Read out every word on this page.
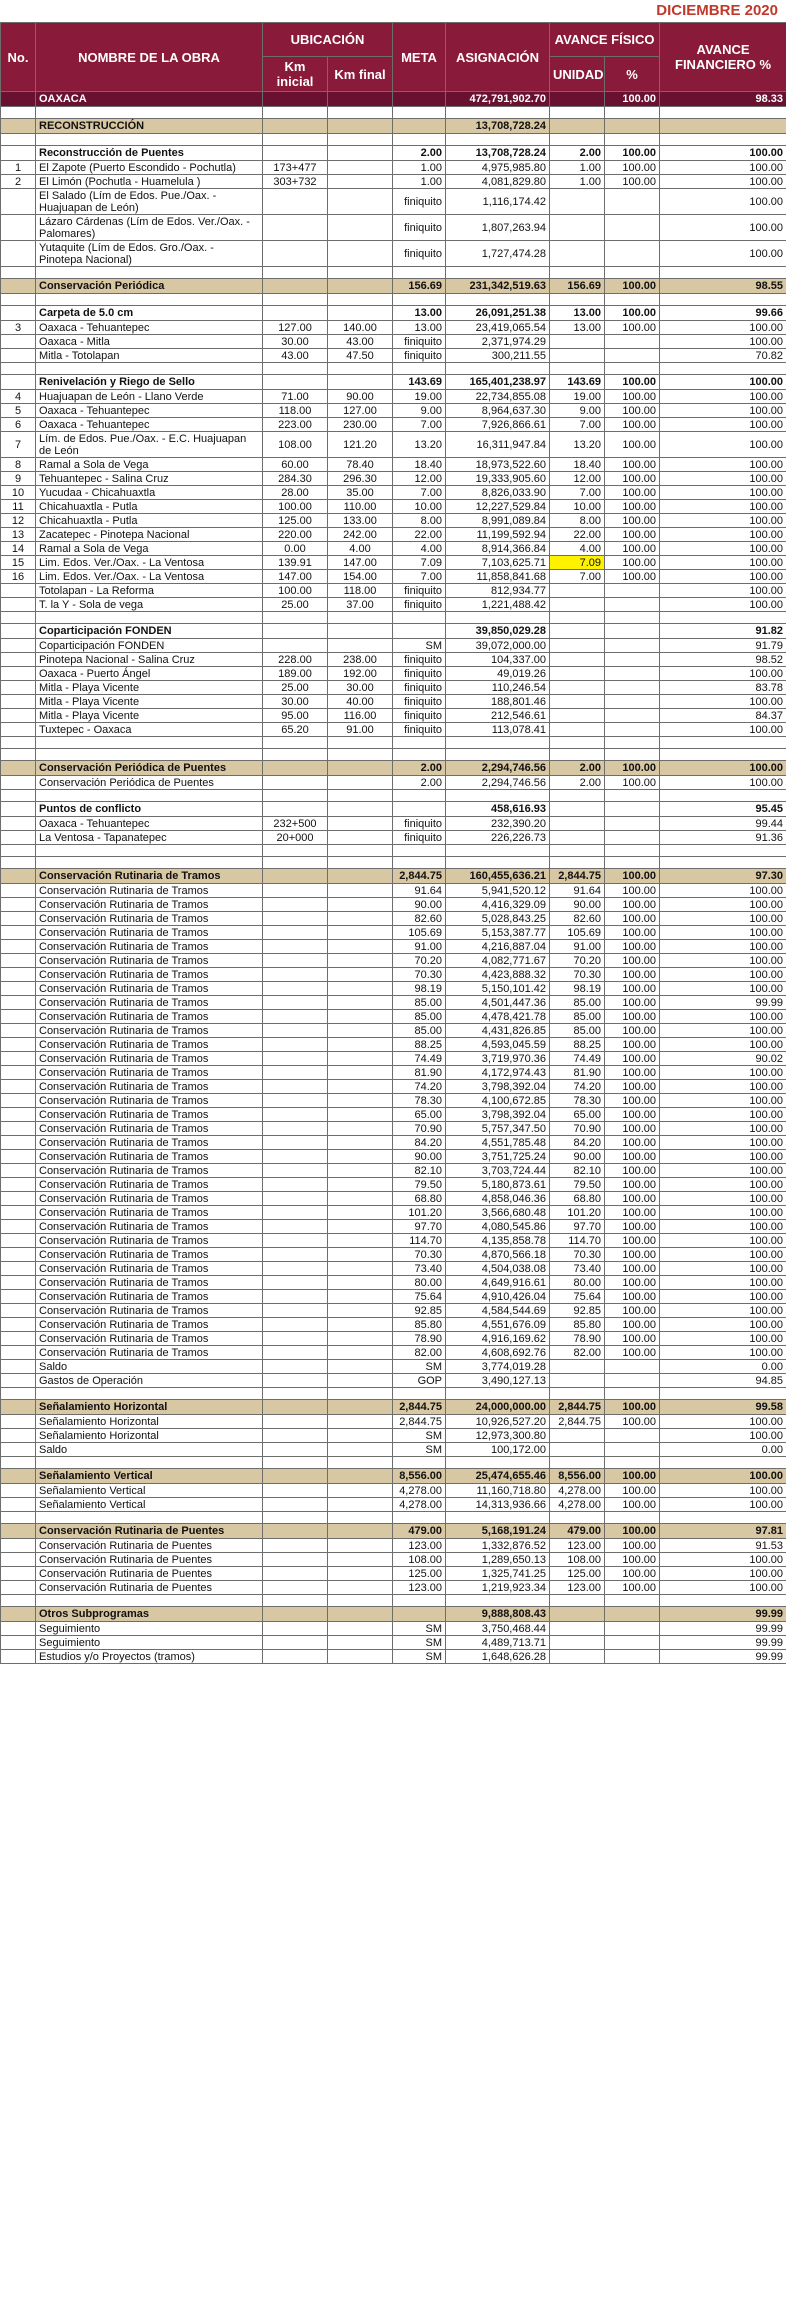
DICIEMBRE 2020
No.	NOMBRE DE LA OBRA	UBICACIÓN		META	ASIGNACIÓN	AVANCE FÍSICO		AVANCE FINANCIERO %
		Km inicial	Km final			UNIDAD	%	
	OAXACA				472,791,902.70		100.00	98.33

	RECONSTRUCCIÓN				13,708,728.24			

	Reconstrucción de Puentes			2.00	13,708,728.24	2.00	100.00	100.00
1	El Zapote (Puerto Escondido - Pochutla)	173+477		1.00	4,975,985.80	1.00	100.00	100.00
2	El Limón (Pochutla - Huamelula )	303+732		1.00	4,081,829.80	1.00	100.00	100.00
	El Salado (Lím de Edos. Pue./Oax. - Huajuapan de León)			finiquito	1,116,174.42			100.00
	Lázaro Cárdenas (Lím de Edos. Ver./Oax. - Palomares)			finiquito	1,807,263.94			100.00
	Yutaquite (Lím de Edos. Gro./Oax. - Pinotepa Nacional)			finiquito	1,727,474.28			100.00

	Conservación Periódica			156.69	231,342,519.63	156.69	100.00	98.55

	Carpeta de 5.0 cm			13.00	26,091,251.38	13.00	100.00	99.66
3	Oaxaca - Tehuantepec	127.00	140.00	13.00	23,419,065.54	13.00	100.00	100.00
	Oaxaca - Mitla	30.00	43.00	finiquito	2,371,974.29			100.00
	Mitla - Totolapan	43.00	47.50	finiquito	300,211.55			70.82

	Renivelación y Riego de Sello			143.69	165,401,238.97	143.69	100.00	100.00
4	Huajuapan de León - Llano Verde	71.00	90.00	19.00	22,734,855.08	19.00	100.00	100.00
5	Oaxaca - Tehuantepec	118.00	127.00	9.00	8,964,637.30	9.00	100.00	100.00
6	Oaxaca - Tehuantepec	223.00	230.00	7.00	7,926,866.61	7.00	100.00	100.00
7	Lím. de Edos. Pue./Oax. - E.C. Huajuapan de León	108.00	121.20	13.20	16,311,947.84	13.20	100.00	100.00
8	Ramal a Sola de Vega	60.00	78.40	18.40	18,973,522.60	18.40	100.00	100.00
9	Tehuantepec - Salina Cruz	284.30	296.30	12.00	19,333,905.60	12.00	100.00	100.00
10	Yucudaa - Chicahuaxtla	28.00	35.00	7.00	8,826,033.90	7.00	100.00	100.00
11	Chicahuaxtla - Putla	100.00	110.00	10.00	12,227,529.84	10.00	100.00	100.00
12	Chicahuaxtla - Putla	125.00	133.00	8.00	8,991,089.84	8.00	100.00	100.00
13	Zacatepec - Pinotepa Nacional	220.00	242.00	22.00	11,199,592.94	22.00	100.00	100.00
14	Ramal a Sola de Vega	0.00	4.00	4.00	8,914,366.84	4.00	100.00	100.00
15	Lim. Edos. Ver./Oax. - La Ventosa	139.91	147.00	7.09	7,103,625.71	7.09	100.00	100.00
16	Lim. Edos. Ver./Oax. - La Ventosa	147.00	154.00	7.00	11,858,841.68	7.00	100.00	100.00
	Totolapan - La Reforma	100.00	118.00	finiquito	812,934.77			100.00
	T. la Y - Sola de vega	25.00	37.00	finiquito	1,221,488.42			100.00

	Coparticipación FONDEN				39,850,029.28			91.82
	Coparticipación FONDEN			SM	39,072,000.00			91.79
	Pinotepa Nacional - Salina Cruz	228.00	238.00	finiquito	104,337.00			98.52
	Oaxaca - Puerto Ángel	189.00	192.00	finiquito	49,019.26			100.00
	Mitla - Playa Vicente	25.00	30.00	finiquito	110,246.54			83.78
	Mitla - Playa Vicente	30.00	40.00	finiquito	188,801.46			100.00
	Mitla - Playa Vicente	95.00	116.00	finiquito	212,546.61			84.37
	Tuxtepec - Oaxaca	65.20	91.00	finiquito	113,078.41			100.00

	Conservación Periódica de Puentes			2.00	2,294,746.56	2.00	100.00	100.00
	Conservación Periódica de Puentes			2.00	2,294,746.56	2.00	100.00	100.00

	Puntos de conflicto				458,616.93			95.45
	Oaxaca - Tehuantepec	232+500		finiquito	232,390.20			99.44
	La Ventosa - Tapanatepec	20+000		finiquito	226,226.73			91.36

	Conservación Rutinaria de Tramos			2,844.75	160,455,636.21	2,844.75	100.00	97.30
	Conservación Rutinaria de Tramos			91.64	5,941,520.12	91.64	100.00	100.00
	Conservación Rutinaria de Tramos			90.00	4,416,329.09	90.00	100.00	100.00
	Conservación Rutinaria de Tramos			82.60	5,028,843.25	82.60	100.00	100.00
	Conservación Rutinaria de Tramos			105.69	5,153,387.77	105.69	100.00	100.00
	Conservación Rutinaria de Tramos			91.00	4,216,887.04	91.00	100.00	100.00
	Conservación Rutinaria de Tramos			70.20	4,082,771.67	70.20	100.00	100.00
	Conservación Rutinaria de Tramos			70.30	4,423,888.32	70.30	100.00	100.00
	Conservación Rutinaria de Tramos			98.19	5,150,101.42	98.19	100.00	100.00
	Conservación Rutinaria de Tramos			85.00	4,501,447.36	85.00	100.00	99.99
	Conservación Rutinaria de Tramos			85.00	4,478,421.78	85.00	100.00	100.00
	Conservación Rutinaria de Tramos			85.00	4,431,826.85	85.00	100.00	100.00
	Conservación Rutinaria de Tramos			88.25	4,593,045.59	88.25	100.00	100.00
	Conservación Rutinaria de Tramos			74.49	3,719,970.36	74.49	100.00	90.02
	Conservación Rutinaria de Tramos			81.90	4,172,974.43	81.90	100.00	100.00
	Conservación Rutinaria de Tramos			74.20	3,798,392.04	74.20	100.00	100.00
	Conservación Rutinaria de Tramos			78.30	4,100,672.85	78.30	100.00	100.00
	Conservación Rutinaria de Tramos			65.00	3,798,392.04	65.00	100.00	100.00
	Conservación Rutinaria de Tramos			70.90	5,757,347.50	70.90	100.00	100.00
	Conservación Rutinaria de Tramos			84.20	4,551,785.48	84.20	100.00	100.00
	Conservación Rutinaria de Tramos			90.00	3,751,725.24	90.00	100.00	100.00
	Conservación Rutinaria de Tramos			82.10	3,703,724.44	82.10	100.00	100.00
	Conservación Rutinaria de Tramos			79.50	5,180,873.61	79.50	100.00	100.00
	Conservación Rutinaria de Tramos			68.80	4,858,046.36	68.80	100.00	100.00
	Conservación Rutinaria de Tramos			101.20	3,566,680.48	101.20	100.00	100.00
	Conservación Rutinaria de Tramos			97.70	4,080,545.86	97.70	100.00	100.00
	Conservación Rutinaria de Tramos			114.70	4,135,858.78	114.70	100.00	100.00
	Conservación Rutinaria de Tramos			70.30	4,870,566.18	70.30	100.00	100.00
	Conservación Rutinaria de Tramos			73.40	4,504,038.08	73.40	100.00	100.00
	Conservación Rutinaria de Tramos			80.00	4,649,916.61	80.00	100.00	100.00
	Conservación Rutinaria de Tramos			75.64	4,910,426.04	75.64	100.00	100.00
	Conservación Rutinaria de Tramos			92.85	4,584,544.69	92.85	100.00	100.00
	Conservación Rutinaria de Tramos			85.80	4,551,676.09	85.80	100.00	100.00
	Conservación Rutinaria de Tramos			78.90	4,916,169.62	78.90	100.00	100.00
	Conservación Rutinaria de Tramos			82.00	4,608,692.76	82.00	100.00	100.00
	Saldo			SM	3,774,019.28			0.00
	Gastos de Operación			GOP	3,490,127.13			94.85

	Señalamiento Horizontal			2,844.75	24,000,000.00	2,844.75	100.00	99.58
	Señalamiento Horizontal			2,844.75	10,926,527.20	2,844.75	100.00	100.00
	Señalamiento Horizontal			SM	12,973,300.80			100.00
	Saldo			SM	100,172.00			0.00

	Señalamiento Vertical			8,556.00	25,474,655.46	8,556.00	100.00	100.00
	Señalamiento Vertical			4,278.00	11,160,718.80	4,278.00	100.00	100.00
	Señalamiento Vertical			4,278.00	14,313,936.66	4,278.00	100.00	100.00

	Conservación Rutinaria de Puentes			479.00	5,168,191.24	479.00	100.00	97.81
	Conservación Rutinaria de Puentes			123.00	1,332,876.52	123.00	100.00	91.53
	Conservación Rutinaria de Puentes			108.00	1,289,650.13	108.00	100.00	100.00
	Conservación Rutinaria de Puentes			125.00	1,325,741.25	125.00	100.00	100.00
	Conservación Rutinaria de Puentes			123.00	1,219,923.34	123.00	100.00	100.00

	Otros Subprogramas				9,888,808.43			99.99
	Seguimiento			SM	3,750,468.44			99.99
	Seguimiento			SM	4,489,713.71			99.99
	Estudios y/o Proyectos (tramos)			SM	1,648,626.28			99.99
